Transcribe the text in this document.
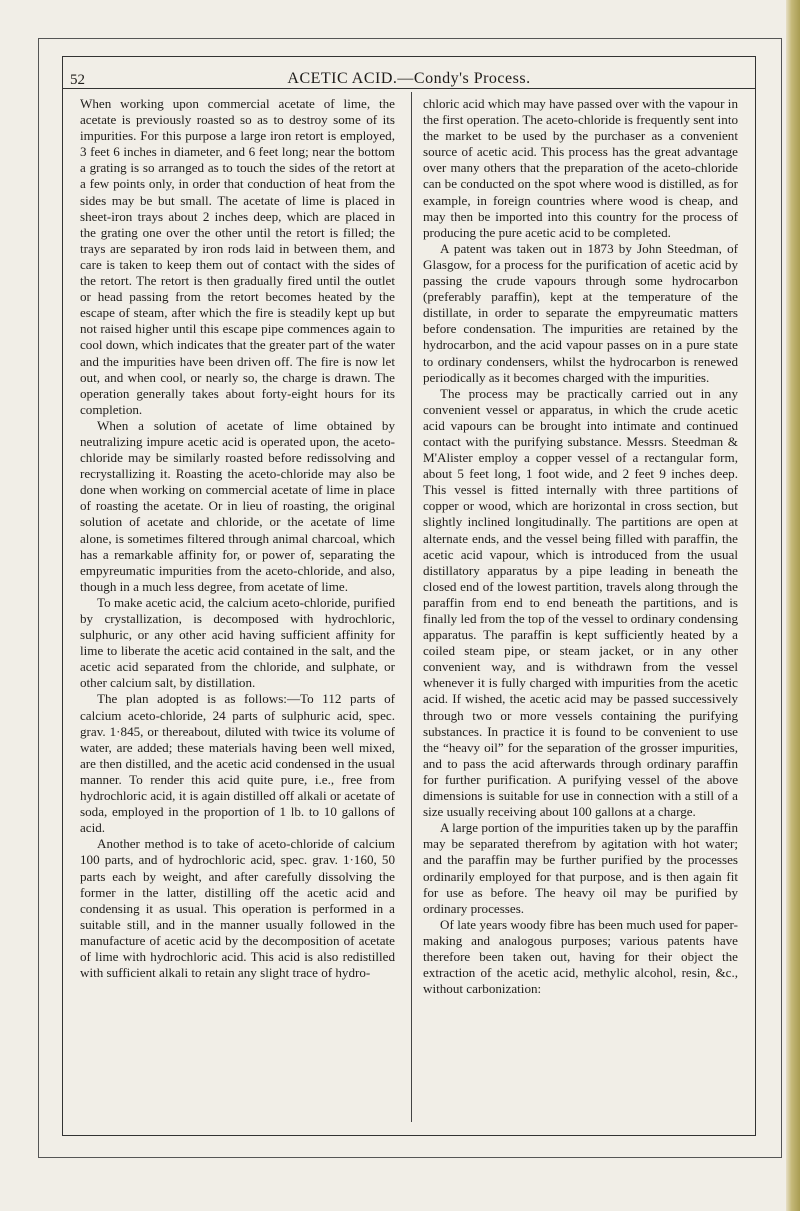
52	ACETIC ACID.—Condy's Process.

When working upon commercial acetate of lime, the acetate is previously roasted so as to destroy some of its impurities. For this purpose a large iron retort is employed, 3 feet 6 inches in diameter, and 6 feet long; near the bottom a grating is so arranged as to touch the sides of the retort at a few points only, in order that conduction of heat from the sides may be but small. The acetate of lime is placed in sheet-iron trays about 2 inches deep, which are placed in the grating one over the other until the retort is filled; the trays are separated by iron rods laid in between them, and care is taken to keep them out of contact with the sides of the retort. The retort is then gradually fired until the outlet or head passing from the retort becomes heated by the escape of steam, after which the fire is steadily kept up but not raised higher until this escape pipe commences again to cool down, which indicates that the greater part of the water and the impurities have been driven off. The fire is now let out, and when cool, or nearly so, the charge is drawn. The operation generally takes about forty-eight hours for its completion.

When a solution of acetate of lime obtained by neutralizing impure acetic acid is operated upon, the aceto-chloride may be similarly roasted before redissolving and recrystallizing it. Roasting the aceto-chloride may also be done when working on commercial acetate of lime in place of roasting the acetate. Or in lieu of roasting, the original solution of acetate and chloride, or the acetate of lime alone, is sometimes filtered through animal charcoal, which has a remarkable affinity for, or power of, separating the empyreumatic impurities from the aceto-chloride, and also, though in a much less degree, from acetate of lime.

To make acetic acid, the calcium aceto-chloride, purified by crystallization, is decomposed with hydrochloric, sulphuric, or any other acid having sufficient affinity for lime to liberate the acetic acid contained in the salt, and the acetic acid separated from the chloride, and sulphate, or other calcium salt, by distillation.

The plan adopted is as follows:—To 112 parts of calcium aceto-chloride, 24 parts of sulphuric acid, spec. grav. 1·845, or thereabout, diluted with twice its volume of water, are added; these materials having been well mixed, are then distilled, and the acetic acid condensed in the usual manner. To render this acid quite pure, i.e., free from hydrochloric acid, it is again distilled off alkali or acetate of soda, employed in the proportion of 1 lb. to 10 gallons of acid.

Another method is to take of aceto-chloride of calcium 100 parts, and of hydrochloric acid, spec. grav. 1·160, 50 parts each by weight, and after carefully dissolving the former in the latter, distilling off the acetic acid and condensing it as usual. This operation is performed in a suitable still, and in the manner usually followed in the manufacture of acetic acid by the decomposition of acetate of lime with hydrochloric acid. This acid is also redistilled with sufficient alkali to retain any slight trace of hydro-

chloric acid which may have passed over with the vapour in the first operation. The aceto-chloride is frequently sent into the market to be used by the purchaser as a convenient source of acetic acid. This process has the great advantage over many others that the preparation of the aceto-chloride can be conducted on the spot where wood is distilled, as for example, in foreign countries where wood is cheap, and may then be imported into this country for the process of producing the pure acetic acid to be completed.

A patent was taken out in 1873 by John Steedman, of Glasgow, for a process for the purification of acetic acid by passing the crude vapours through some hydrocarbon (preferably paraffin), kept at the temperature of the distillate, in order to separate the empyreumatic matters before condensation. The impurities are retained by the hydrocarbon, and the acid vapour passes on in a pure state to ordinary condensers, whilst the hydrocarbon is renewed periodically as it becomes charged with the impurities.

The process may be practically carried out in any convenient vessel or apparatus, in which the crude acetic acid vapours can be brought into intimate and continued contact with the purifying substance. Messrs. Steedman & M'Alister employ a copper vessel of a rectangular form, about 5 feet long, 1 foot wide, and 2 feet 9 inches deep. This vessel is fitted internally with three partitions of copper or wood, which are horizontal in cross section, but slightly inclined longitudinally. The partitions are open at alternate ends, and the vessel being filled with paraffin, the acetic acid vapour, which is introduced from the usual distillatory apparatus by a pipe leading in beneath the closed end of the lowest partition, travels along through the paraffin from end to end beneath the partitions, and is finally led from the top of the vessel to ordinary condensing apparatus. The paraffin is kept sufficiently heated by a coiled steam pipe, or steam jacket, or in any other convenient way, and is withdrawn from the vessel whenever it is fully charged with impurities from the acetic acid. If wished, the acetic acid may be passed successively through two or more vessels containing the purifying substances. In practice it is found to be convenient to use the “heavy oil” for the separation of the grosser impurities, and to pass the acid afterwards through ordinary paraffin for further purification. A purifying vessel of the above dimensions is suitable for use in connection with a still of a size usually receiving about 100 gallons at a charge.

A large portion of the impurities taken up by the paraffin may be separated therefrom by agitation with hot water; and the paraffin may be further purified by the processes ordinarily employed for that purpose, and is then again fit for use as before. The heavy oil may be purified by ordinary processes.

Of late years woody fibre has been much used for paper-making and analogous purposes; various patents have therefore been taken out, having for their object the extraction of the acetic acid, methylic alcohol, resin, &c., without carbonization:
